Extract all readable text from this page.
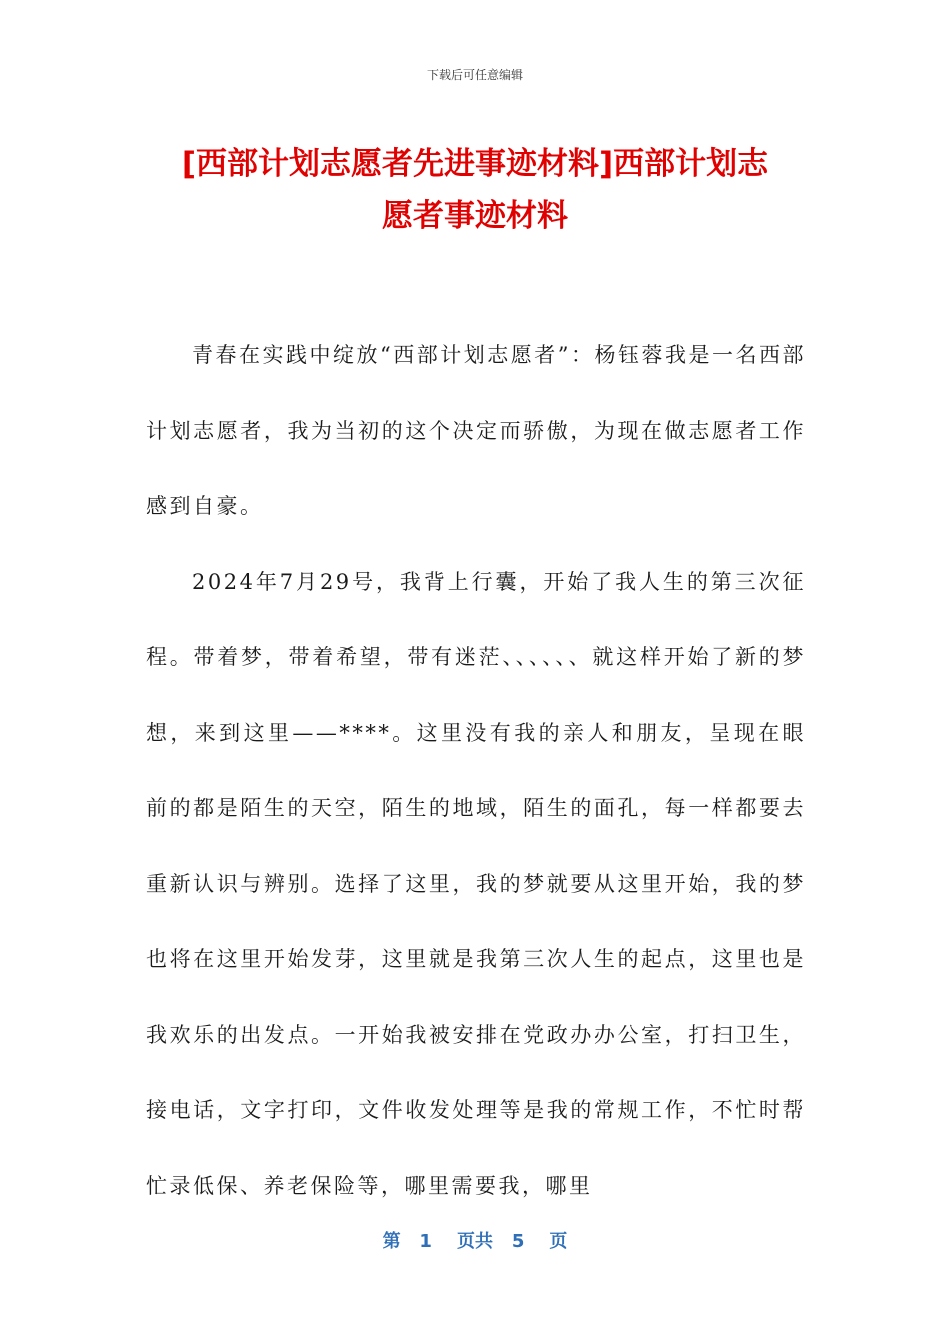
下载后可任意编辑
[西部计划志愿者先进事迹材料]西部计划志
愿者事迹材料

青春在实践中绽放“西部计划志愿者”：杨钰蓉我是一名西部计划志愿者，我为当初的这个决定而骄傲，为现在做志愿者工作感到自豪。

2024年7月29号，我背上行囊，开始了我人生的第三次征程。带着梦，带着希望，带有迷茫、、、、、、就这样开始了新的梦想，来到这里——****。这里没有我的亲人和朋友，呈现在眼前的都是陌生的天空，陌生的地域，陌生的面孔，每一样都要去重新认识与辨别。选择了这里，我的梦就要从这里开始，我的梦也将在这里开始发芽，这里就是我第三次人生的起点，这里也是我欢乐的出发点。一开始我被安排在党政办办公室，打扫卫生，接电话，文字打印，文件收发处理等是我的常规工作，不忙时帮忙录低保、养老保险等，哪里需要我，哪里

第 1 页共 5 页
